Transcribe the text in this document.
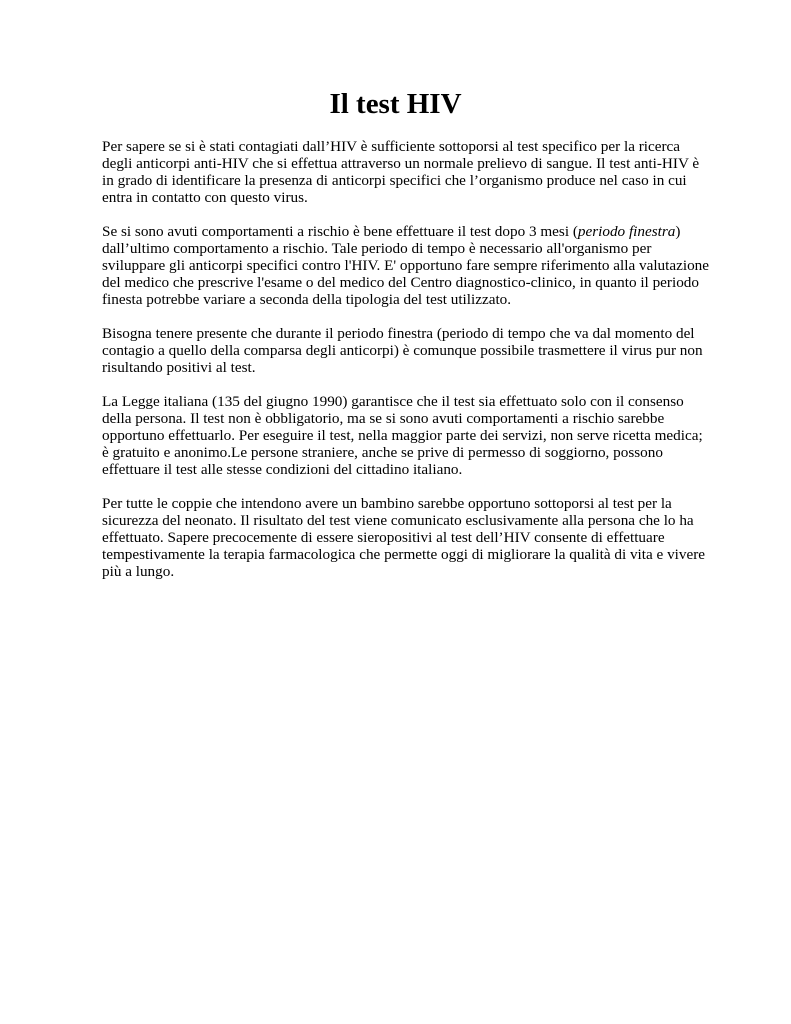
Il test HIV

Per sapere se si è stati contagiati dall’HIV è sufficiente sottoporsi al test specifico per la ricerca
degli anticorpi anti-HIV che si effettua attraverso un normale prelievo di sangue. Il test anti-HIV è
in grado di identificare la presenza di anticorpi specifici che l’organismo produce nel caso in cui
entra in contatto con questo virus.

Se si sono avuti comportamenti a rischio è bene effettuare il test dopo 3 mesi (periodo finestra)
dall’ultimo comportamento a rischio. Tale periodo di tempo è necessario all'organismo per
sviluppare gli anticorpi specifici contro l'HIV. E' opportuno fare sempre riferimento alla valutazione
del medico che prescrive l'esame o del medico del Centro diagnostico-clinico, in quanto il periodo
finesta potrebbe variare a seconda della tipologia del test utilizzato.

Bisogna tenere presente che durante il periodo finestra (periodo di tempo che va dal momento del
contagio a quello della comparsa degli anticorpi) è comunque possibile trasmettere il virus pur non
risultando positivi al test.

La Legge italiana (135 del giugno 1990) garantisce che il test sia effettuato solo con il consenso
della persona. Il test non è obbligatorio, ma se si sono avuti comportamenti a rischio sarebbe
opportuno effettuarlo. Per eseguire il test, nella maggior parte dei servizi, non serve ricetta medica;
è gratuito e anonimo.Le persone straniere, anche se prive di permesso di soggiorno, possono
effettuare il test alle stesse condizioni del cittadino italiano.

Per tutte le coppie che intendono avere un bambino sarebbe opportuno sottoporsi al test per la
sicurezza del neonato. Il risultato del test viene comunicato esclusivamente alla persona che lo ha
effettuato. Sapere precocemente di essere sieropositivi al test dell’HIV consente di effettuare
tempestivamente la terapia farmacologica che permette oggi di migliorare la qualità di vita e vivere
più a lungo.
